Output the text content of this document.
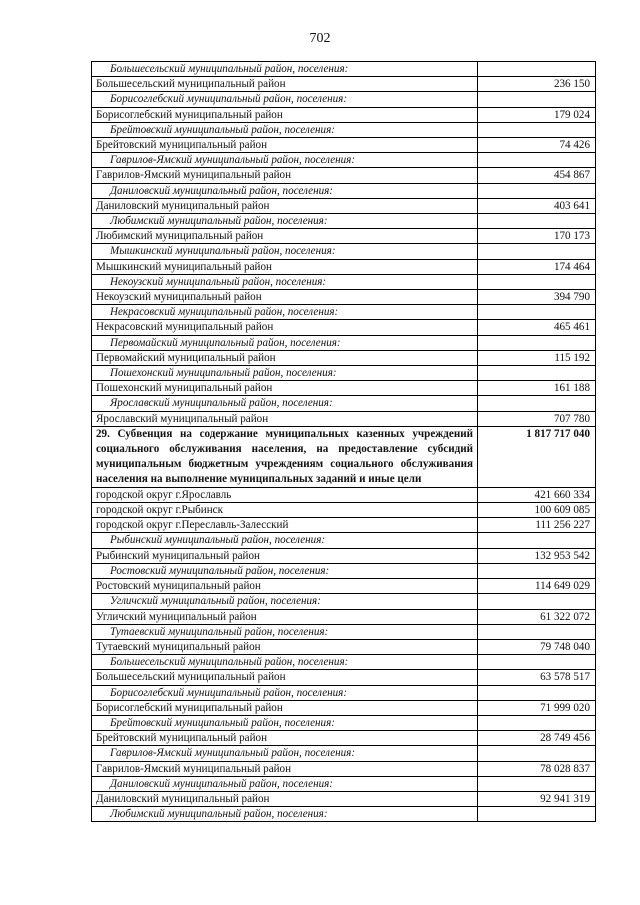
702
Большесельский муниципальный район, поселения:	
Большесельский муниципальный район	236 150
Борисоглебский муниципальный район, поселения:	
Борисоглебский муниципальный район	179 024
Брейтовский муниципальный район, поселения:	
Брейтовский муниципальный район	74 426
Гаврилов-Ямский муниципальный район, поселения:	
Гаврилов-Ямский муниципальный район	454 867
Даниловский муниципальный район, поселения:	
Даниловский муниципальный район	403 641
Любимский муниципальный район, поселения:	
Любимский муниципальный район	170 173
Мышкинский муниципальный район, поселения:	
Мышкинский муниципальный район	174 464
Некоузский муниципальный район, поселения:	
Некоузский муниципальный район	394 790
Некрасовский муниципальный район, поселения:	
Некрасовский муниципальный район	465 461
Первомайский муниципальный район, поселения:	
Первомайский муниципальный район	115 192
Пошехонский муниципальный район, поселения:	
Пошехонский муниципальный район	161 188
Ярославский муниципальный район, поселения:	
Ярославский муниципальный район	707 780
29. Субвенция на содержание муниципальных казенных учреждений социального обслуживания населения, на предоставление субсидий муниципальным бюджетным учреждениям социального обслуживания населения на выполнение муниципальных заданий и иные цели	1 817 717 040
городской округ г.Ярославль	421 660 334
городской округ г.Рыбинск	100 609 085
городской округ г.Переславль-Залесский	111 256 227
Рыбинский муниципальный район, поселения:	
Рыбинский муниципальный район	132 953 542
Ростовский муниципальный район, поселения:	
Ростовский муниципальный район	114 649 029
Угличский муниципальный район, поселения:	
Угличский муниципальный район	61 322 072
Тутаевский муниципальный район, поселения:	
Тутаевский муниципальный район	79 748 040
Большесельский муниципальный район, поселения:	
Большесельский муниципальный район	63 578 517
Борисоглебский муниципальный район, поселения:	
Борисоглебский муниципальный район	71 999 020
Брейтовский муниципальный район, поселения:	
Брейтовский муниципальный район	28 749 456
Гаврилов-Ямский муниципальный район, поселения:	
Гаврилов-Ямский муниципальный район	78 028 837
Даниловский муниципальный район, поселения:	
Даниловский муниципальный район	92 941 319
Любимский муниципальный район, поселения:	
